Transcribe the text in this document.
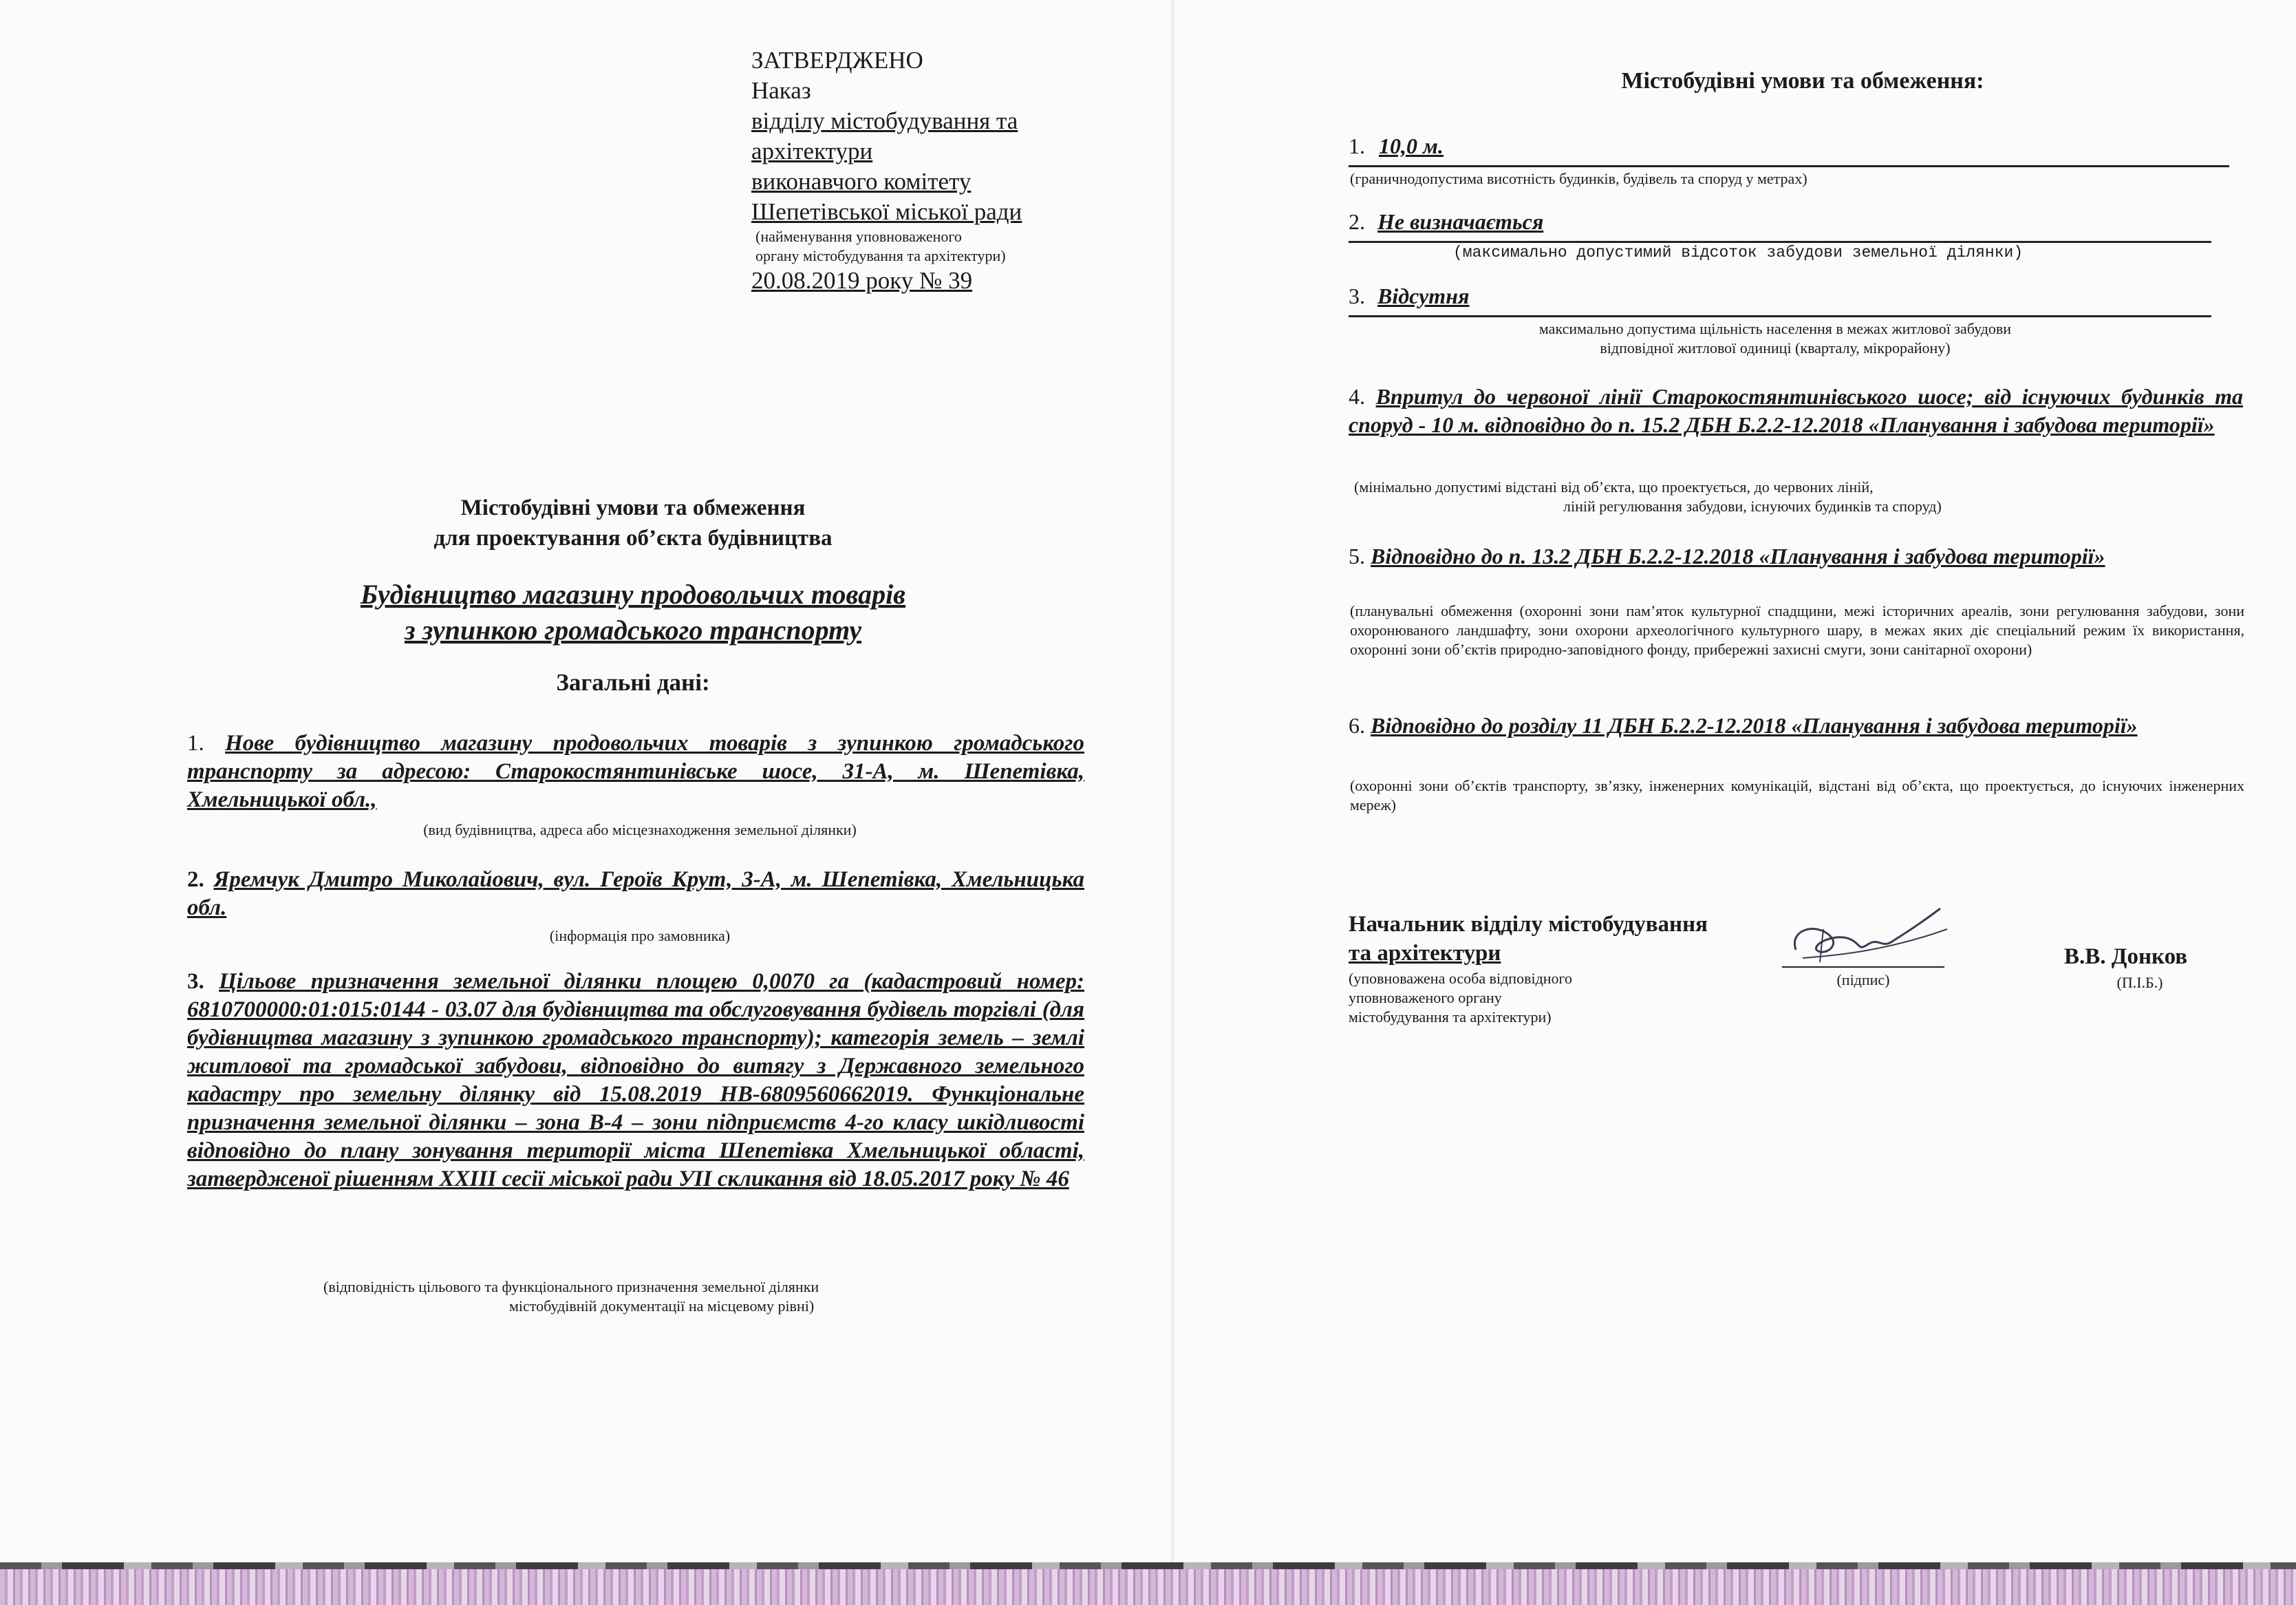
ЗАТВЕРДЖЕНО
Наказ
відділу містобудування та
архітектури
виконавчого комітету
Шепетівської міської ради
(найменування уповноваженого
органу містобудування та архітектури)
20.08.2019 року № 39
Містобудівні умови та обмеження
для проектування об’єкта будівництва
Будівництво магазину продовольчих товарів
з зупинкою громадського транспорту
Загальні дані:
1. Нове будівництво магазину продовольчих товарів з зупинкою громадського транспорту за адресою: Старокостянтинівське шосе, 31-А, м. Шепетівка, Хмельницької обл.,
(вид будівництва, адреса або місцезнаходження земельної ділянки)
2. Яремчук Дмитро Миколайович, вул. Героїв Крут, 3-А, м. Шепетівка, Хмельницька обл.
(інформація про замовника)
3. Цільове призначення земельної ділянки площею 0,0070 га (кадастровий номер: 6810700000:01:015:0144 - 03.07 для будівництва та обслуговування будівель торгівлі (для будівництва магазину з зупинкою громадського транспорту); категорія земель – землі житлової та громадської забудови, відповідно до витягу з Державного земельного кадастру про земельну ділянку від 15.08.2019 НВ-6809560662019. Функціональне призначення земельної ділянки – зона В-4 – зони підприємств 4-го класу шкідливості відповідно до плану зонування території міста Шепетівка Хмельницької області, затвердженої рішенням XXIII сесії міської ради УІІ скликання від 18.05.2017 року № 46
(відповідність цільового та функціонального призначення земельної ділянки
містобудівній документації на місцевому рівні)
Містобудівні умови та обмеження:
1. 10,0 м.
(граничнодопустима висотність будинків, будівель та споруд у метрах)
2. Не визначається
(максимально допустимий відсоток забудови земельної ділянки)
3. Відсутня
максимально допустима щільність населення в межах житлової забудови
відповідної житлової одиниці (кварталу, мікрорайону)
4. Впритул до червоної лінії Старокостянтинівського шосе; від існуючих будинків та споруд - 10 м. відповідно до п. 15.2 ДБН Б.2.2-12.2018 «Планування і забудова території»
(мінімально допустимі відстані від об’єкта, що проектується, до червоних ліній,
ліній регулювання забудови, існуючих будинків та споруд)
5. Відповідно до п. 13.2 ДБН Б.2.2-12.2018 «Планування і забудова території»
(планувальні обмеження (охоронні зони пам’яток культурної спадщини, межі історичних ареалів, зони регулювання забудови, зони охоронюваного ландшафту, зони охорони археологічного культурного шару, в межах яких діє спеціальний режим їх використання, охоронні зони об’єктів природно-заповідного фонду, прибережні захисні смуги, зони санітарної охорони)
6. Відповідно до розділу 11 ДБН Б.2.2-12.2018 «Планування і забудова території»
(охоронні зони об’єктів транспорту, зв’язку, інженерних комунікацій, відстані від об’єкта, що проектується, до існуючих інженерних мереж)
Начальник відділу містобудування
та архітектури
(уповноважена особа відповідного
уповноваженого органу
містобудування та архітектури)
(підпис)
В.В. Донков
(П.І.Б.)
